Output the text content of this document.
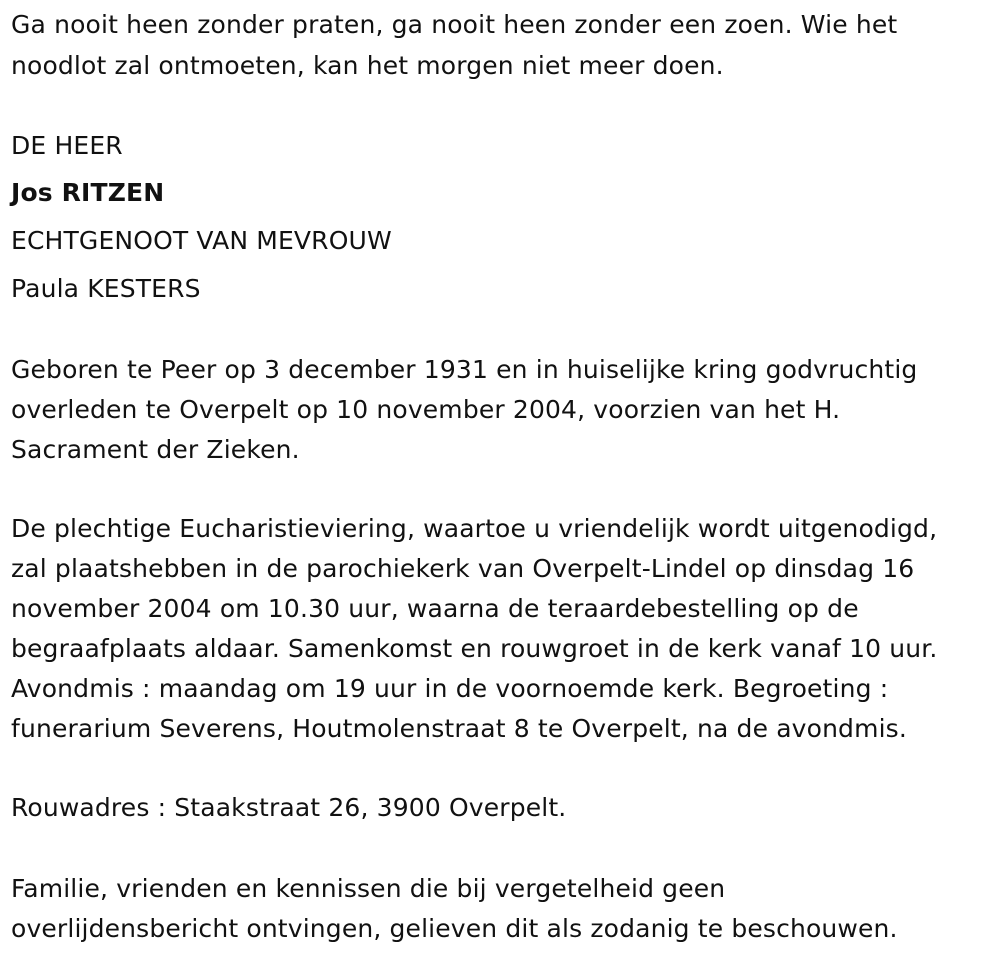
Ga nooit heen zonder praten, ga nooit heen zonder een zoen. Wie het
noodlot zal ontmoeten, kan het morgen niet meer doen.
DE HEER
Jos RITZEN
ECHTGENOOT VAN MEVROUW
Paula KESTERS
Geboren te Peer op 3 december 1931 en in huiselijke kring godvruchtig
overleden te Overpelt op 10 november 2004, voorzien van het H.
Sacrament der Zieken.
De plechtige Eucharistieviering, waartoe u vriendelijk wordt uitgenodigd,
zal plaatshebben in de parochiekerk van Overpelt-Lindel op dinsdag 16
november 2004 om 10.30 uur, waarna de teraardebestelling op de
begraafplaats aldaar. Samenkomst en rouwgroet in de kerk vanaf 10 uur.
Avondmis : maandag om 19 uur in de voornoemde kerk. Begroeting :
funerarium Severens, Houtmolenstraat 8 te Overpelt, na de avondmis.
Rouwadres : Staakstraat 26, 3900 Overpelt.
Familie, vrienden en kennissen die bij vergetelheid geen
overlijdensbericht ontvingen, gelieven dit als zodanig te beschouwen.
